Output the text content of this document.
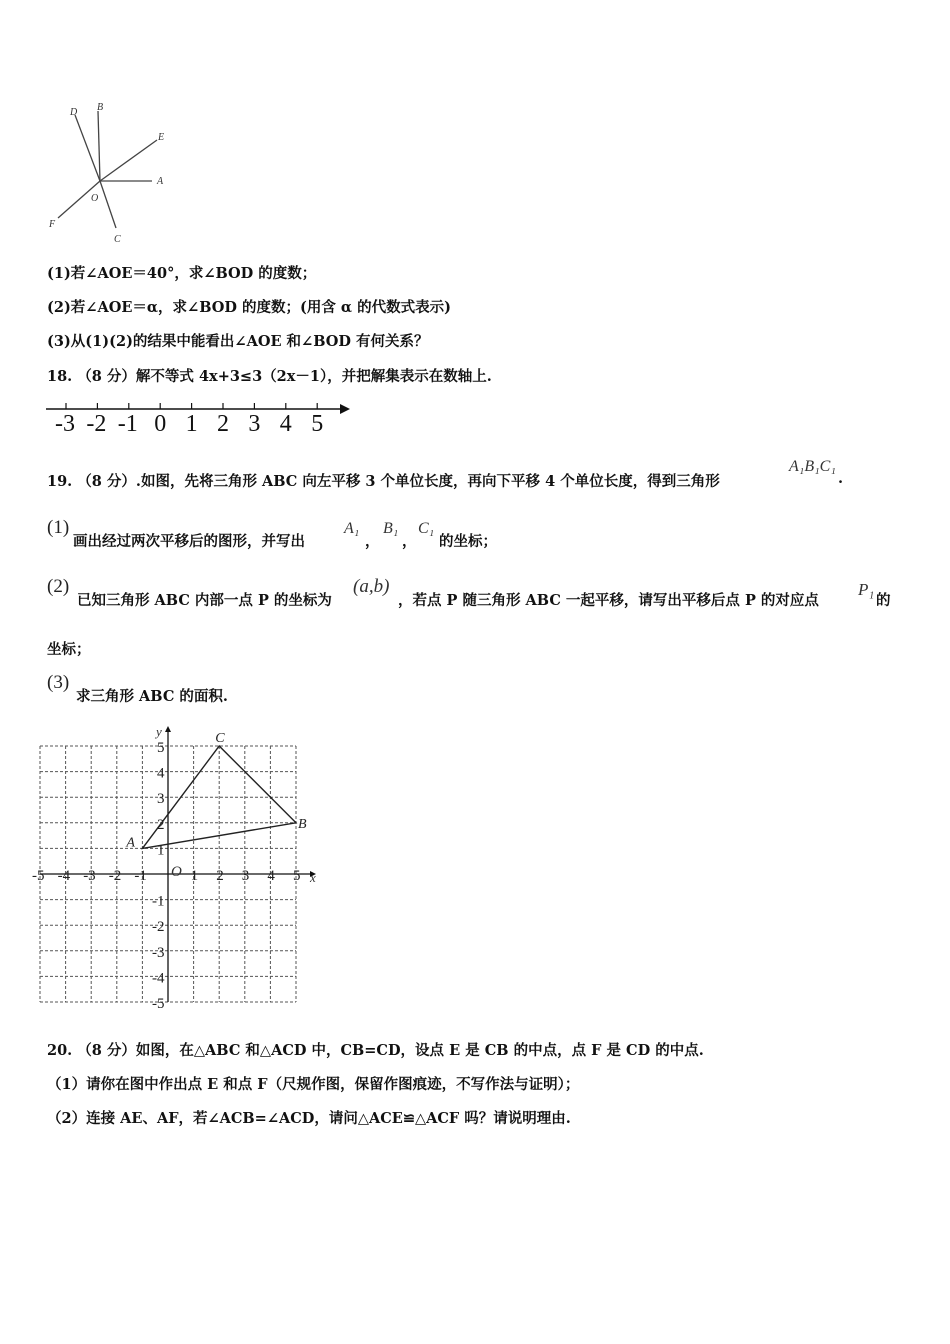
D B
E
A
O
F
C
(1)若∠AOE＝40°，求∠BOD 的度数；
(2)若∠AOE＝α，求∠BOD 的度数；(用含 α 的代数式表示)
(3)从(1)(2)的结果中能看出∠AOE 和∠BOD 有何关系？
18. （8 分）解不等式 4x+3≤3（2x－1），并把解集表示在数轴上.
-3 -2 -1 0 1 2 3 4 5
19. （8 分）.如图，先将三角形 ABC 向左平移 3 个单位长度，再向下平移 4 个单位长度，得到三角形
A₁B₁C₁
.
(1)
画出经过两次平移后的图形，并写出
A₁
，
B₁
，
C₁
的坐标；
(2)
已知三角形 ABC 内部一点 P 的坐标为
(a,b)
，若点 P 随三角形 ABC 一起平移，请写出平移后点 P 的对应点
P₁
的
坐标；
(3)
求三角形 ABC 的面积.
x
y
O
-5 -4 -3 -2 -1	1 2 3 4 5
5
4
3
2
1
-1
-2
-3
-4
-5
A
B
C
20. （8 分）如图，在△ABC 和△ACD 中，CB=CD，设点 E 是 CB 的中点，点 F 是 CD 的中点.
（1）请你在图中作出点 E 和点 F（尺规作图，保留作图痕迹，不写作法与证明）；
（2）连接 AE、AF，若∠ACB=∠ACD，请问△ACE≌△ACF 吗？请说明理由.
